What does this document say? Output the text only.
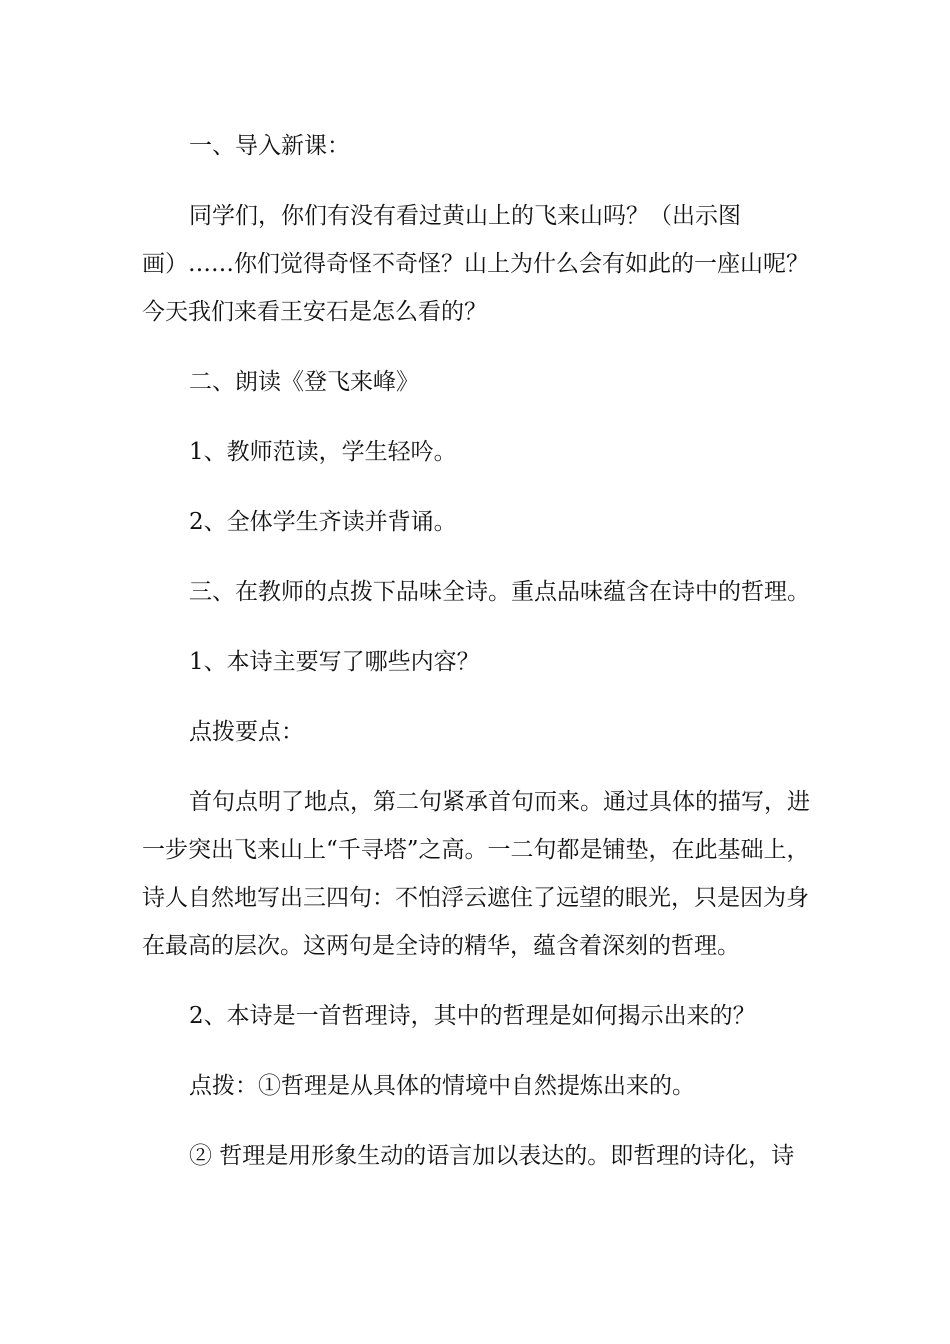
一、导入新课：

同学们，你们有没有看过黄山上的飞来山吗？（出示图画）……你们觉得奇怪不奇怪？山上为什么会有如此的一座山呢？今天我们来看王安石是怎么看的？

二、朗读《登飞来峰》

1、教师范读，学生轻吟。

2、全体学生齐读并背诵。

三、在教师的点拨下品味全诗。重点品味蕴含在诗中的哲理。

1、本诗主要写了哪些内容？

点拨要点：

首句点明了地点，第二句紧承首句而来。通过具体的描写，进一步突出飞来山上“千寻塔”之高。一二句都是铺垫，在此基础上，诗人自然地写出三四句：不怕浮云遮住了远望的眼光，只是因为身在最高的层次。这两句是全诗的精华，蕴含着深刻的哲理。

2、本诗是一首哲理诗，其中的哲理是如何揭示出来的？

点拨：①哲理是从具体的情境中自然提炼出来的。

② 哲理是用形象生动的语言加以表达的。即哲理的诗化，诗
